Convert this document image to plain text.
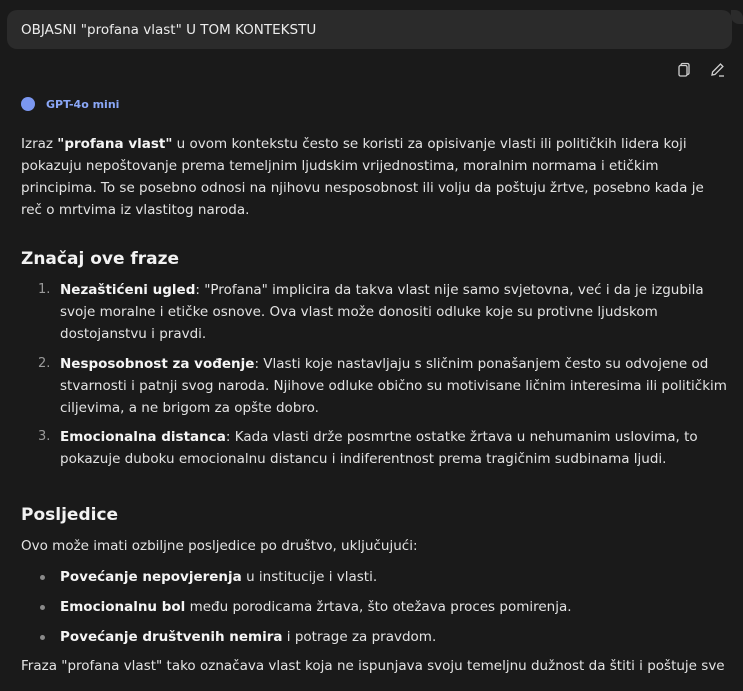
OBJASNI "profana vlast" U TOM KONTEKSTU
GPT-4o mini

Izraz "profana vlast" u ovom kontekstu često se koristi za opisivanje vlasti ili političkih lidera koji pokazuju nepoštovanje prema temeljnim ljudskim vrijednostima, moralnim normama i etičkim principima. To se posebno odnosi na njihovu nesposobnost ili volju da poštuju žrtve, posebno kada je reč o mrtvima iz vlastitog naroda.

Značaj ove fraze
1. Nezaštićeni ugled: "Profana" implicira da takva vlast nije samo svjetovna, već i da je izgubila svoje moralne i etičke osnove. Ova vlast može donositi odluke koje su protivne ljudskom dostojanstvu i pravdi.
2. Nesposobnost za vođenje: Vlasti koje nastavljaju s sličnim ponašanjem često su odvojene od stvarnosti i patnji svog naroda. Njihove odluke obično su motivisane ličnim interesima ili političkim ciljevima, a ne brigom za opšte dobro.
3. Emocionalna distanca: Kada vlasti drže posmrtne ostatke žrtava u nehumanim uslovima, to pokazuje duboku emocionalnu distancu i indiferentnost prema tragičnim sudbinama ljudi.
Posljedice

Ovo može imati ozbiljne posljedice po društvo, uključujući:

Povećanje nepovjerenja u institucije i vlasti.
Emocionalnu bol među porodicama žrtava, što otežava proces pomirenja.
Povećanje društvenih nemira i potrage za pravdom.

Fraza "profana vlast" tako označava vlast koja ne ispunjava svoju temeljnu dužnost da štiti i poštuje sve
